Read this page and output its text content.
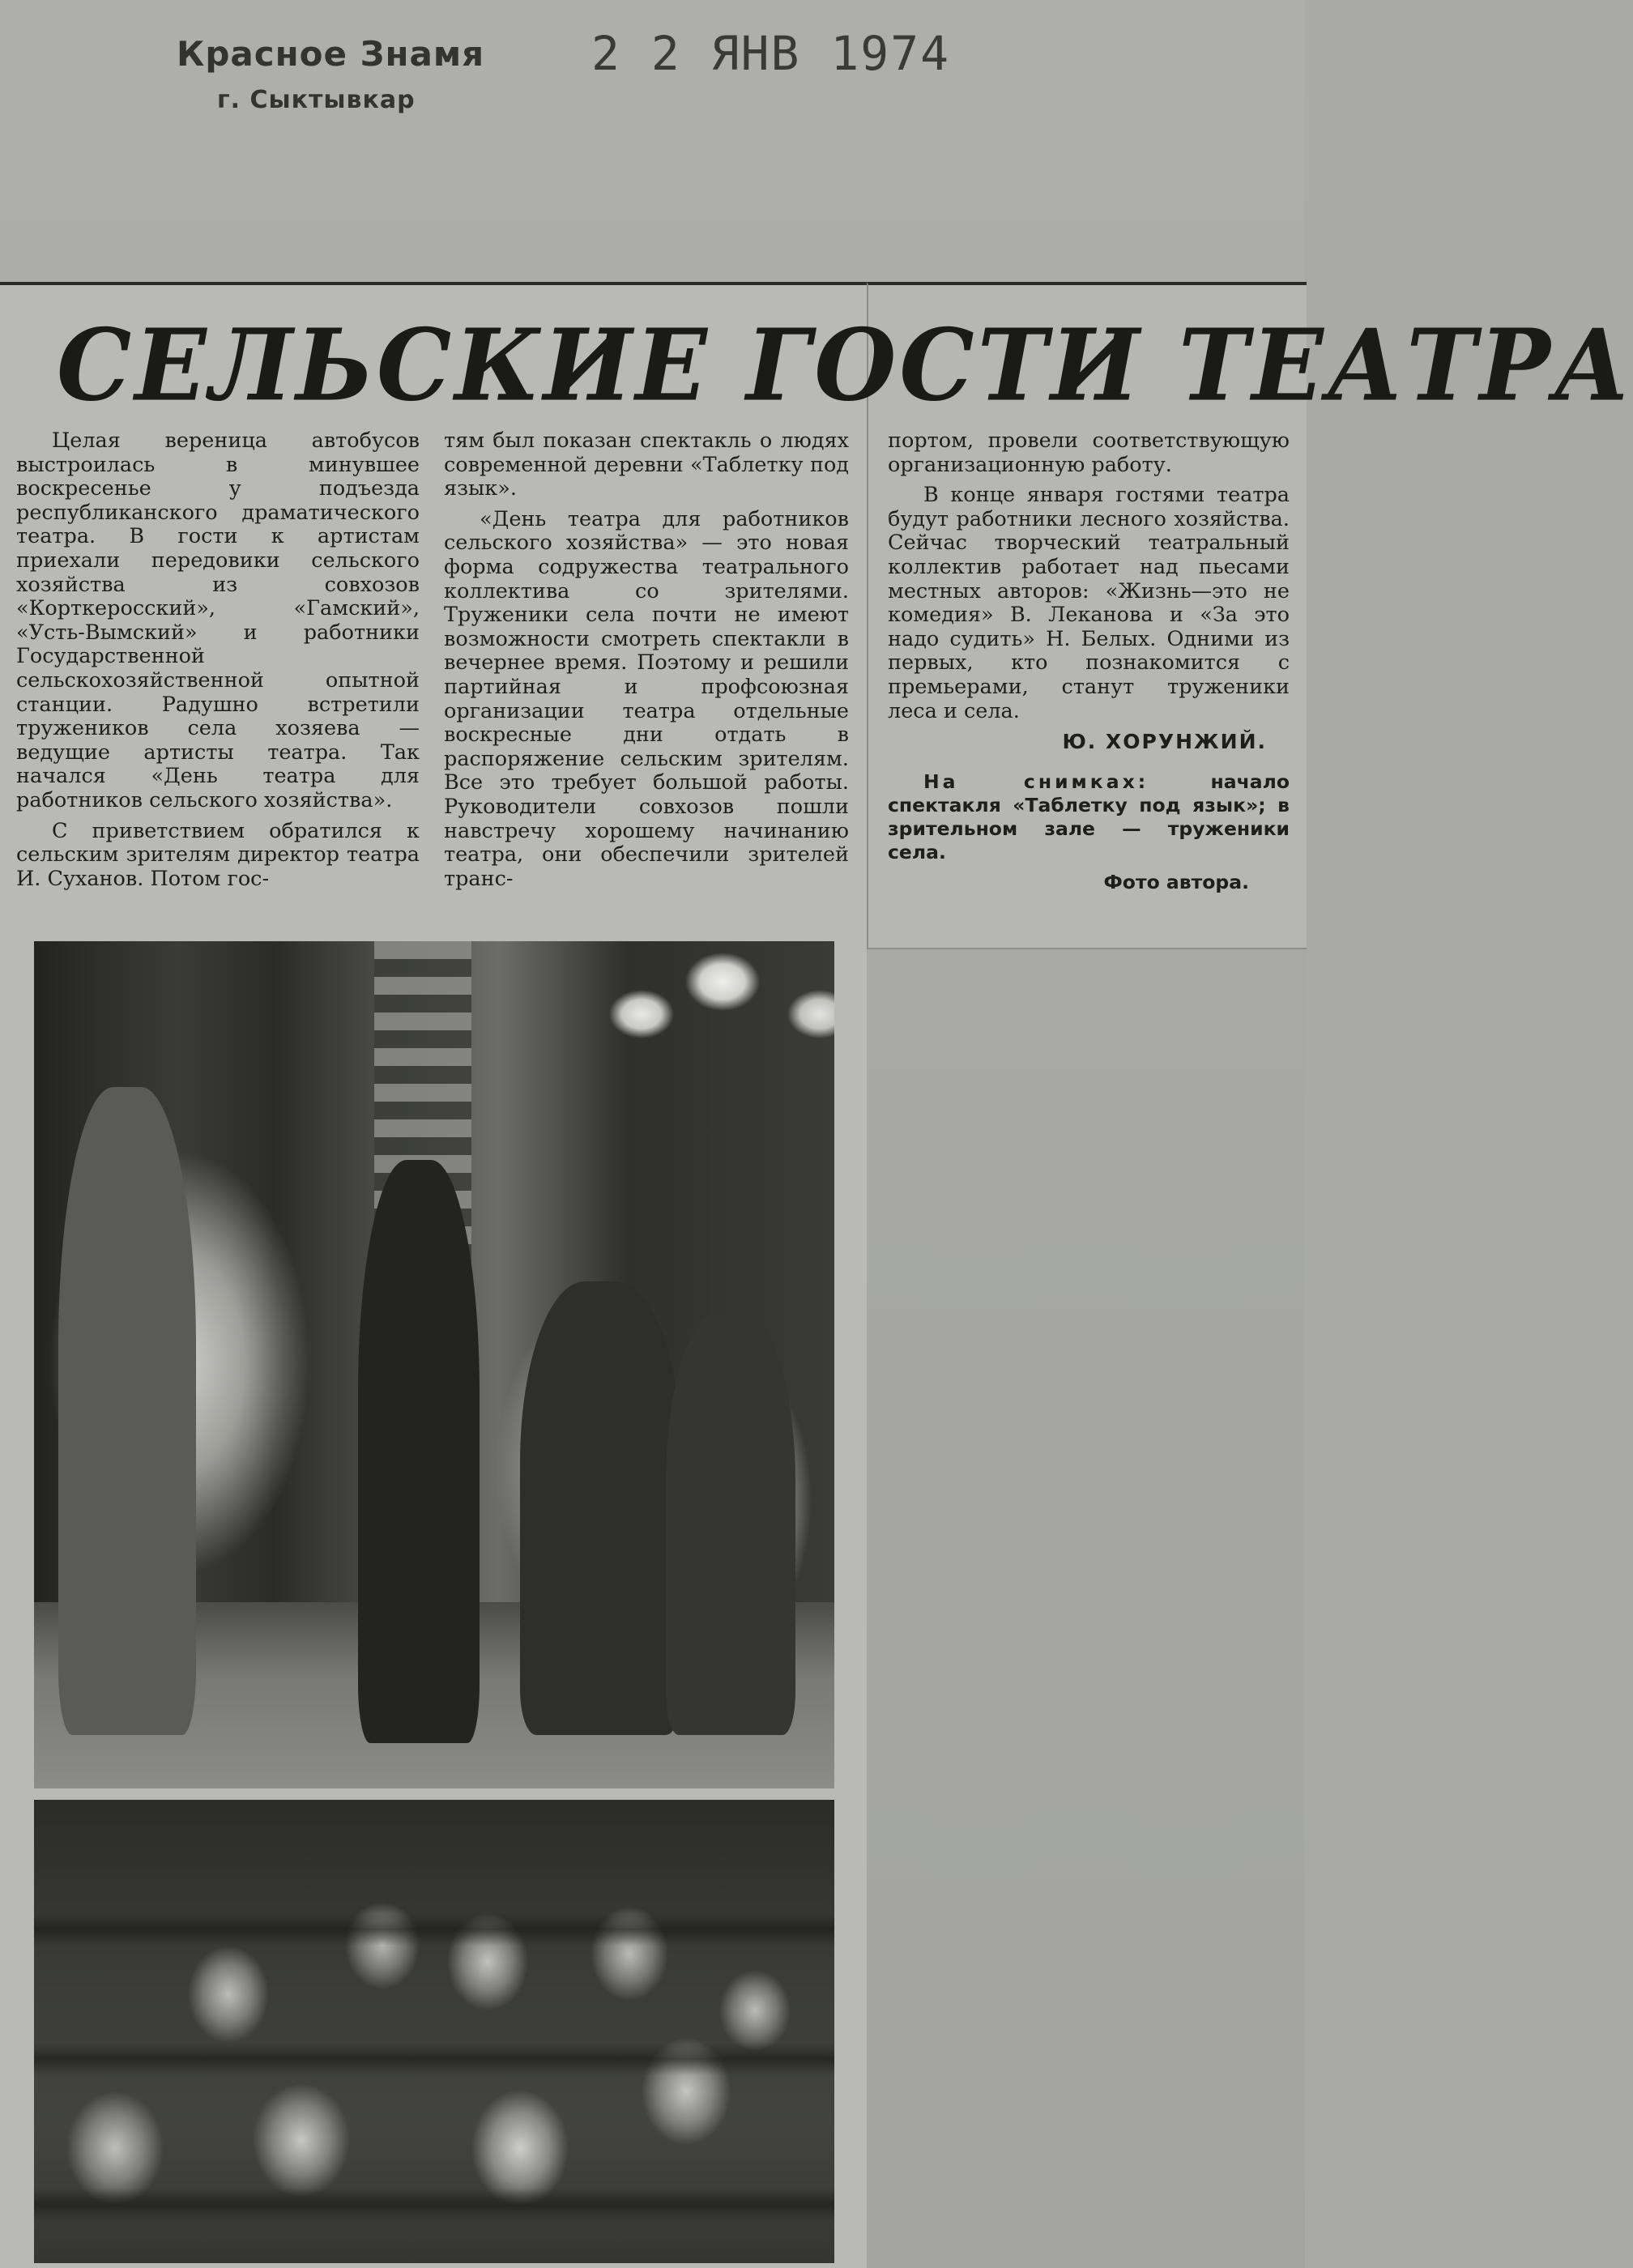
Красное Знамя
г. Сыктывкар
2 2 ЯНВ 1974
СЕЛЬСКИЕ ГОСТИ ТЕАТРА

Целая вереница автобусов выстроилась в минувшее воскресенье у подъезда республиканского драматического театра. В гости к артистам приехали передовики сельского хозяйства из совхозов «Корткеросский», «Гамский», «Усть-Вымский» и работники Государственной сельскохозяйственной опытной станции. Радушно встретили тружеников села хозяева — ведущие артисты театра. Так начался «День театра для работников сельского хозяйства».

С приветствием обратился к сельским зрителям директор театра И. Суханов. Потом гос-

тям был показан спектакль о людях современной деревни «Таблетку под язык».

«День театра для работников сельского хозяйства» — это новая форма содружества театрального коллектива со зрителями. Труженики села почти не имеют возможности смотреть спектакли в вечернее время. Поэтому и решили партийная и профсоюзная организации театра отдельные воскресные дни отдать в распоряжение сельским зрителям. Все это требует большой работы. Руководители совхозов пошли навстречу хорошему начинанию театра, они обеспечили зрителей транс-

портом, провели соответствующую организационную работу.

В конце января гостями театра будут работники лесного хозяйства. Сейчас творческий театральный коллектив работает над пьесами местных авторов: «Жизнь—это не комедия» В. Леканова и «За это надо судить» Н. Белых. Одними из первых, кто познакомится с премьерами, станут труженики леса и села.

Ю. ХОРУНЖИЙ.
На снимках:	начало спектакля «Таблетку под язык»; в зрительном зале — труженики села.
Фото автора.
